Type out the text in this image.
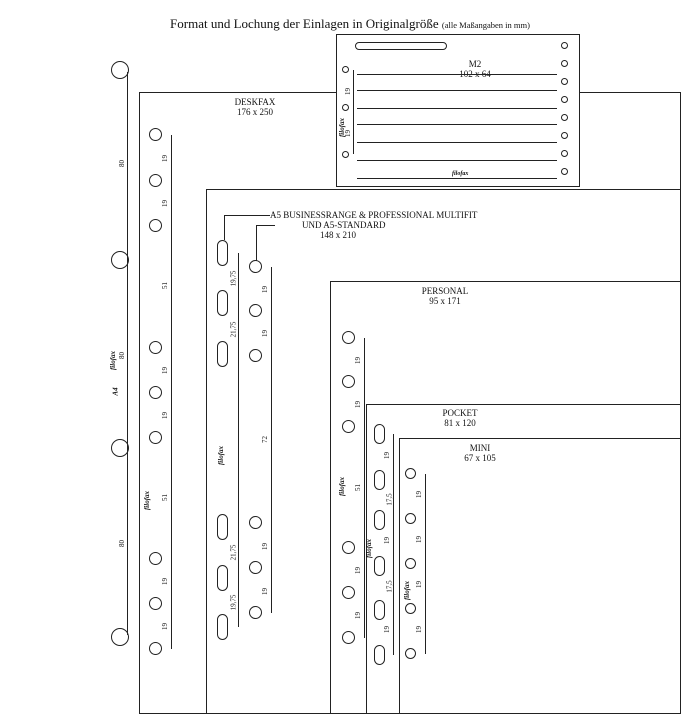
Format und Lochung der Einlagen in Originalgröße (alle Maßangaben in mm)
80
80
80
A4
filofax
DESKFAX
176 x 250
19
19
51
19
19
51
19
19
filofax
A5 BUSINESSRANGE & PROFESSIONAL MULTIFIT
UND A5-STANDARD
148 x 210
19,75
21,75
21,75
19,75
filofax
19
19
72
19
19
PERSONAL
95 x 171
19
19
51
19
19
filofax
POCKET
81 x 120
19
17,5
19
17,5
19
filofax
MINI
67 x 105
19
19
19
19
filofax
M2
102 x 64
19
19
filofax
filofax
